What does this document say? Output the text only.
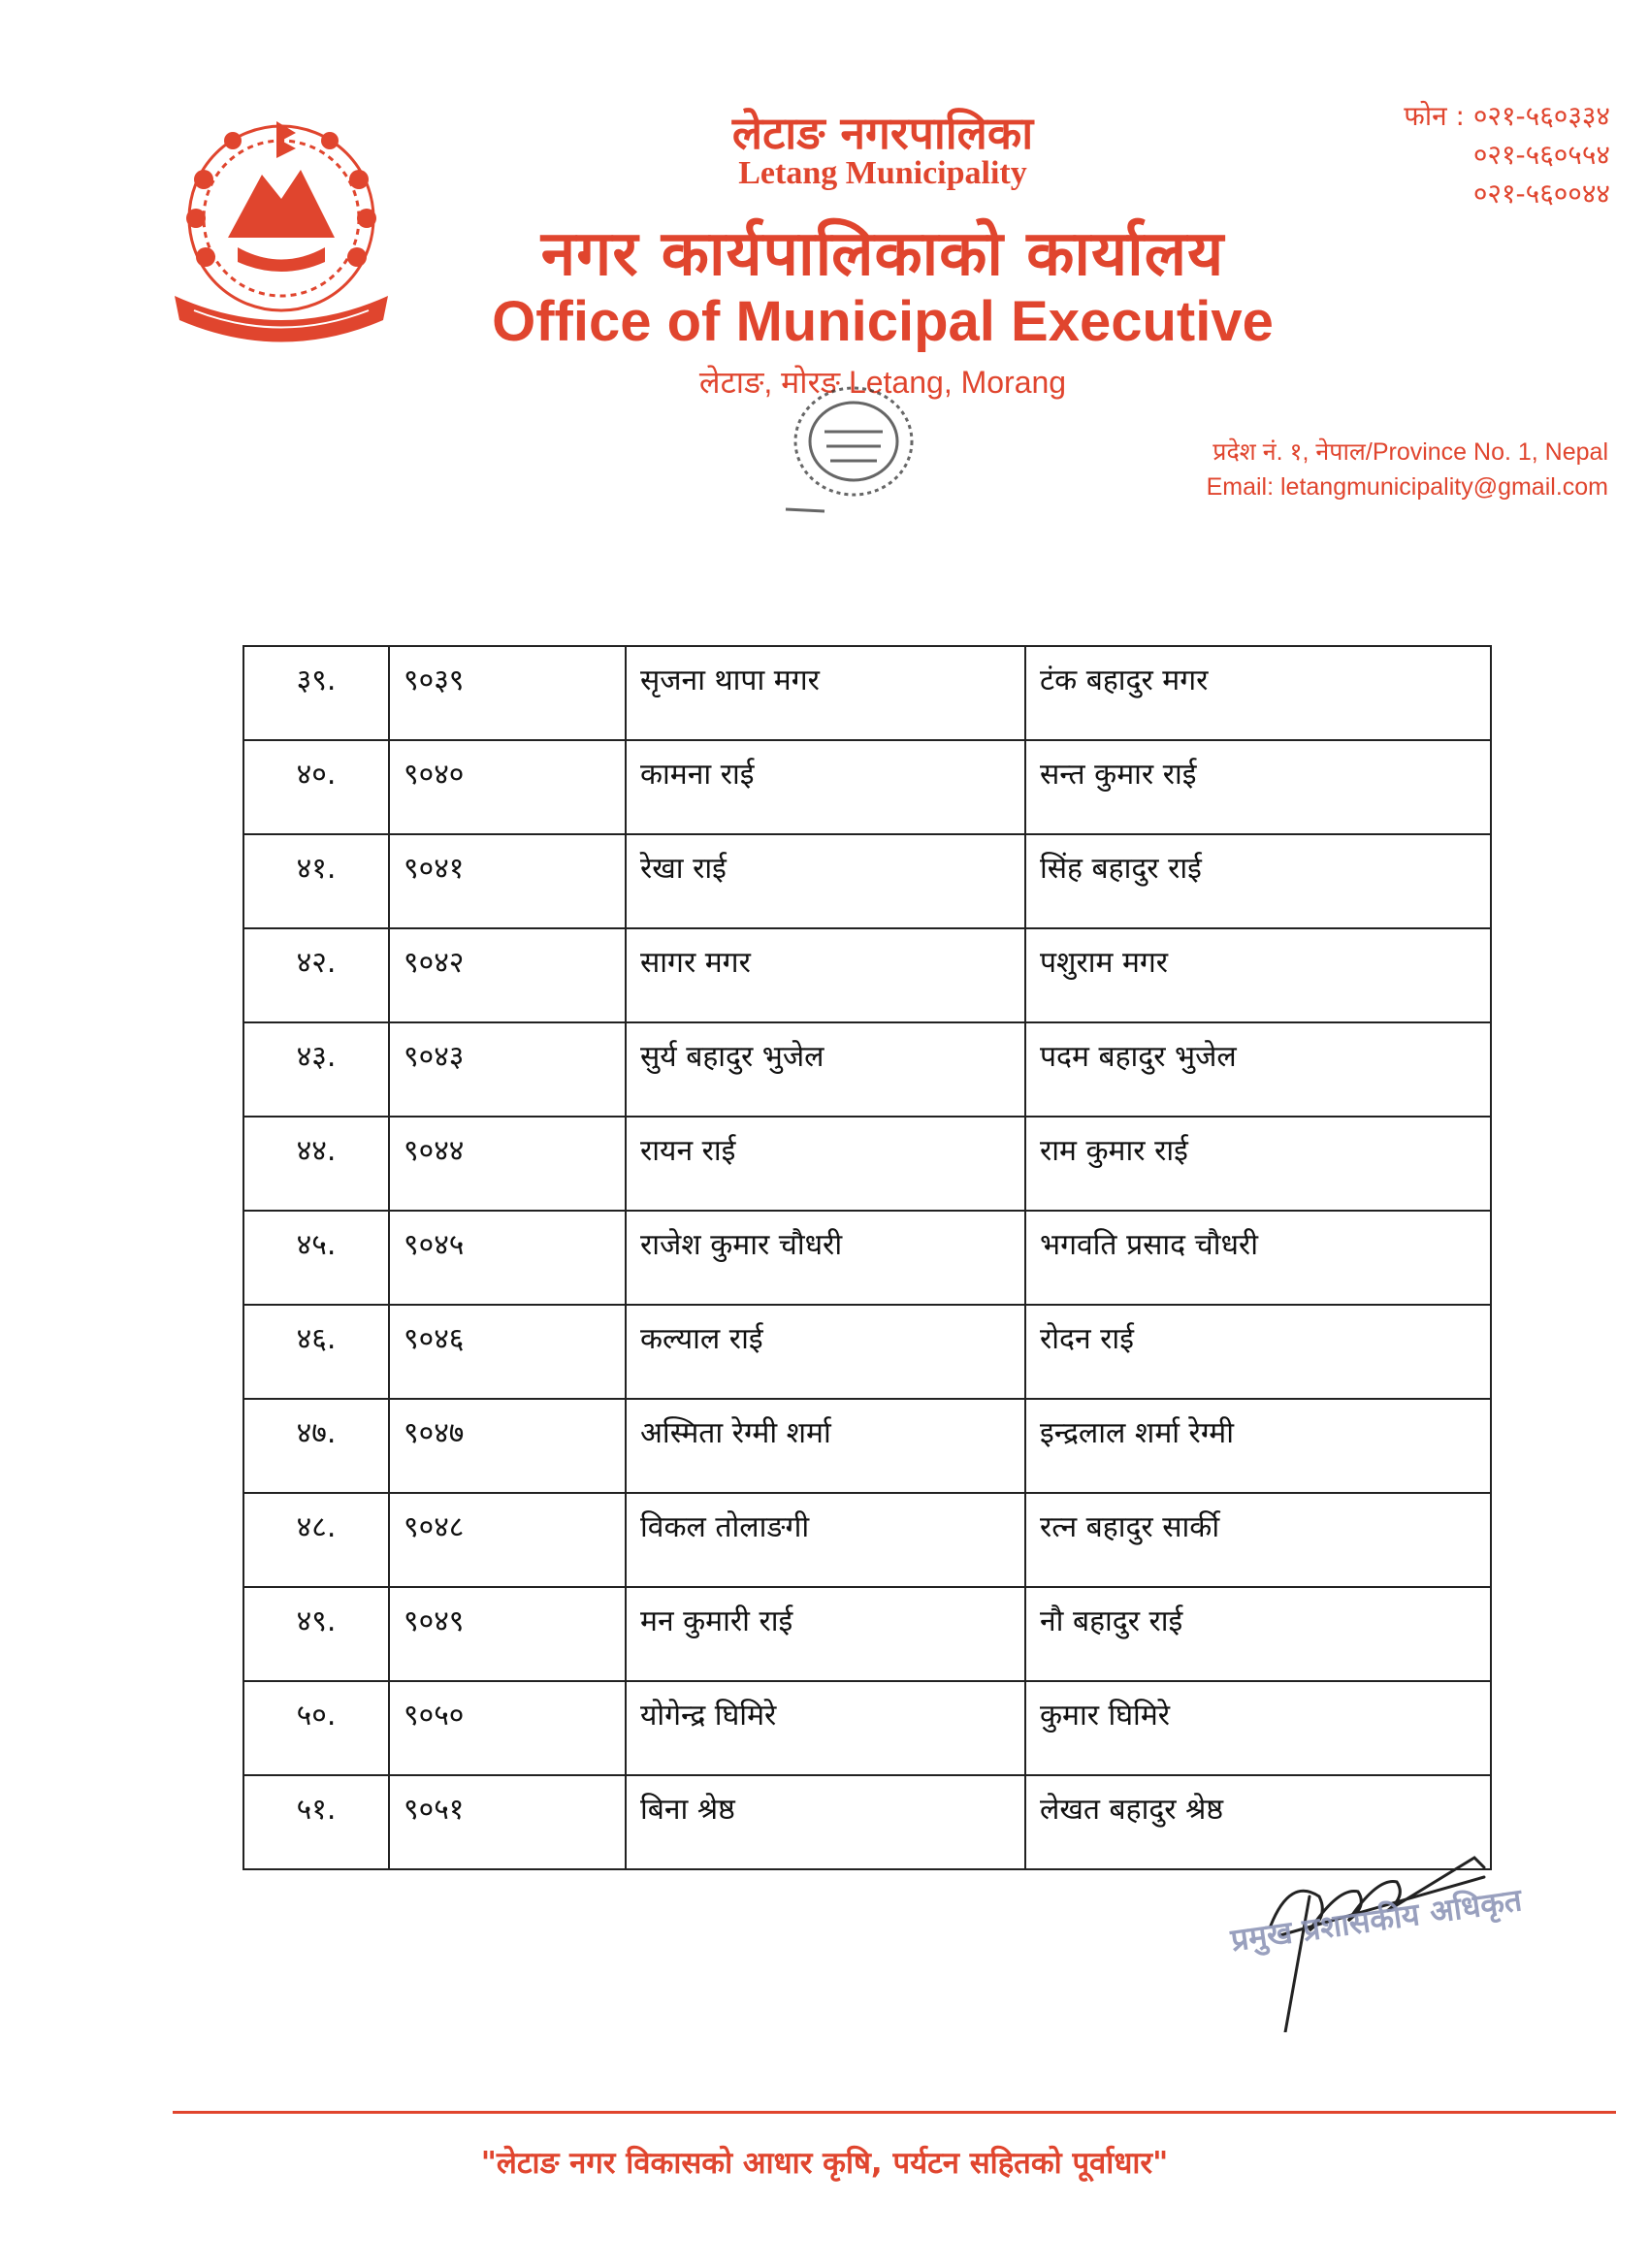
लेटाङ नगरपालिका
Letang Municipality
नगर कार्यपालिकाको कार्यालय
Office of Municipal Executive
लेटाङ, मोरङ Letang, Morang
फोन : ०२१-५६०३३४
०२१-५६०५५४
०२१-५६००४४
प्रदेश नं. १, नेपाल/Province No. 1, Nepal
Email: letangmunicipality@gmail.com
३९.	९०३९	सृजना थापा मगर	टंक बहादुर मगर
४०.	९०४०	कामना राई	सन्त कुमार राई
४१.	९०४१	रेखा राई	सिंह बहादुर राई
४२.	९०४२	सागर मगर	पशुराम मगर
४३.	९०४३	सुर्य बहादुर भुजेल	पदम बहादुर भुजेल
४४.	९०४४	रायन राई	राम कुमार राई
४५.	९०४५	राजेश कुमार चौधरी	भगवति प्रसाद चौधरी
४६.	९०४६	कल्याल राई	रोदन राई
४७.	९०४७	अस्मिता रेग्मी शर्मा	इन्द्रलाल शर्मा रेग्मी
४८.	९०४८	विकल तोलाङगी	रत्न बहादुर सार्की
४९.	९०४९	मन कुमारी राई	नौ बहादुर राई
५०.	९०५०	योगेन्द्र घिमिरे	कुमार घिमिरे
५१.	९०५१	बिना श्रेष्ठ	लेखत बहादुर श्रेष्ठ
प्रमुख प्रशासकीय अधिकृत
"लेटाङ नगर विकासको आधार कृषि, पर्यटन सहितको पूर्वाधार"
